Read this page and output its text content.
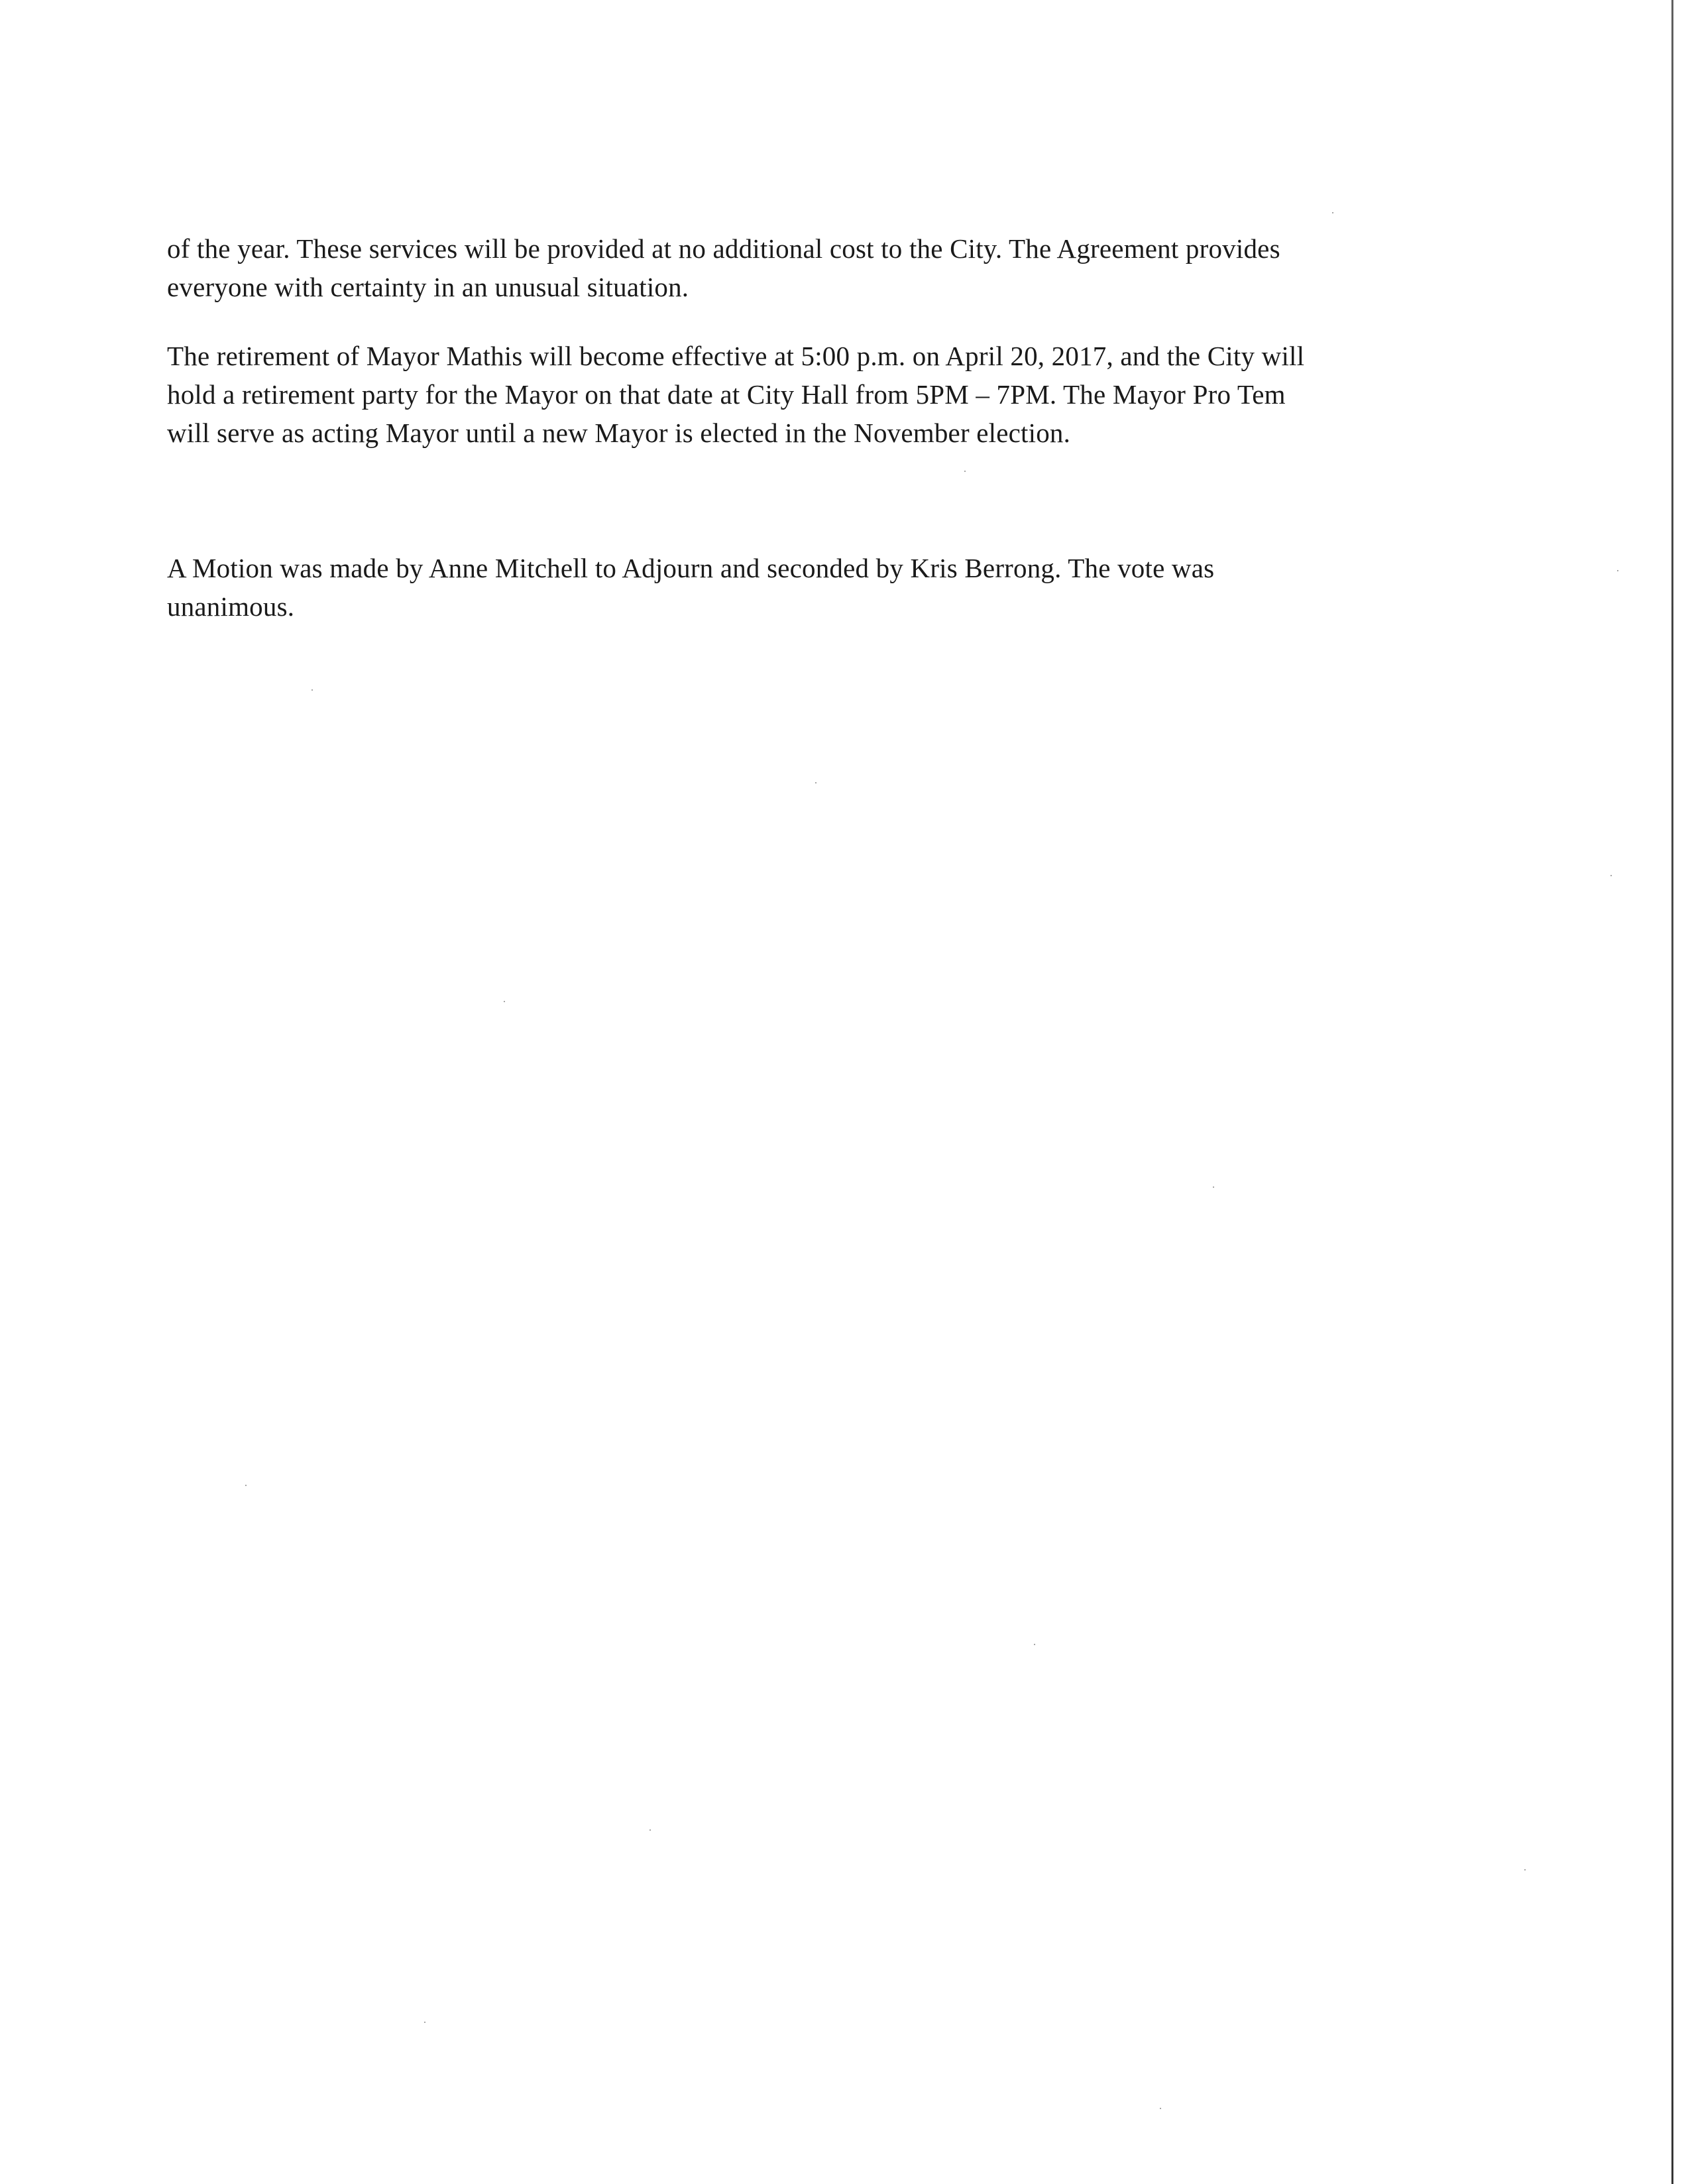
of the year. These services will be provided at no additional cost to the City. The Agreement provides
everyone with certainty in an unusual situation.
The retirement of Mayor Mathis will become effective at 5:00 p.m. on April 20, 2017, and the City will
hold a retirement party for the Mayor on that date at City Hall from 5PM – 7PM. The Mayor Pro Tem
will serve as acting Mayor until a new Mayor is elected in the November election.
A Motion was made by Anne Mitchell to Adjourn and seconded by Kris Berrong. The vote was
unanimous.
